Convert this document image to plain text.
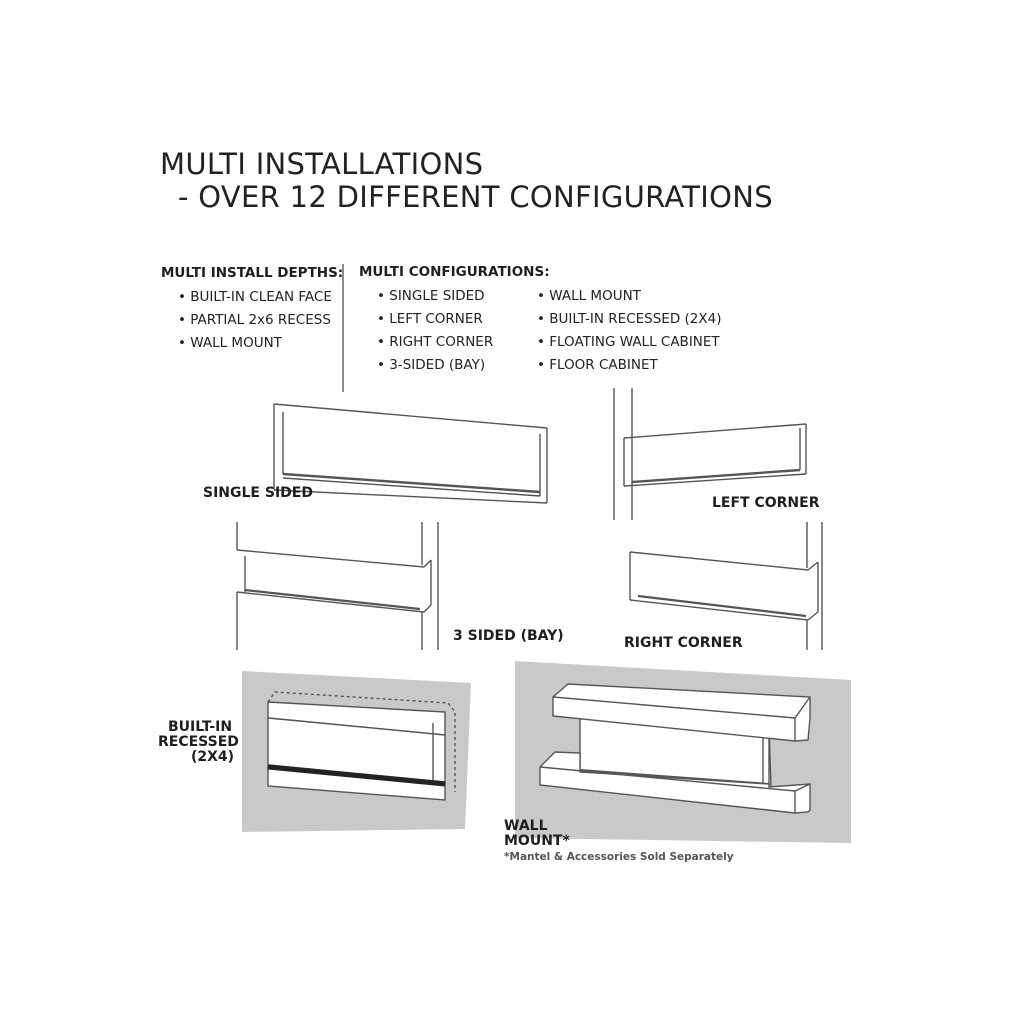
MULTI INSTALLATIONS
- OVER 12 DIFFERENT CONFIGURATIONS
MULTI INSTALL DEPTHS:
• BUILT-IN CLEAN FACE
• PARTIAL 2x6 RECESS
• WALL MOUNT
MULTI CONFIGURATIONS:
• SINGLE SIDED
• LEFT CORNER
• RIGHT CORNER
• 3-SIDED (BAY)
• WALL MOUNT
• BUILT-IN RECESSED (2X4)
• FLOATING WALL CABINET
• FLOOR CABINET
SINGLE SIDED
LEFT CORNER
3 SIDED (BAY)	RIGHT CORNER
BUILT-IN
RECESSED
(2X4)
WALL
MOUNT*
*Mantel & Accessories Sold Separately
